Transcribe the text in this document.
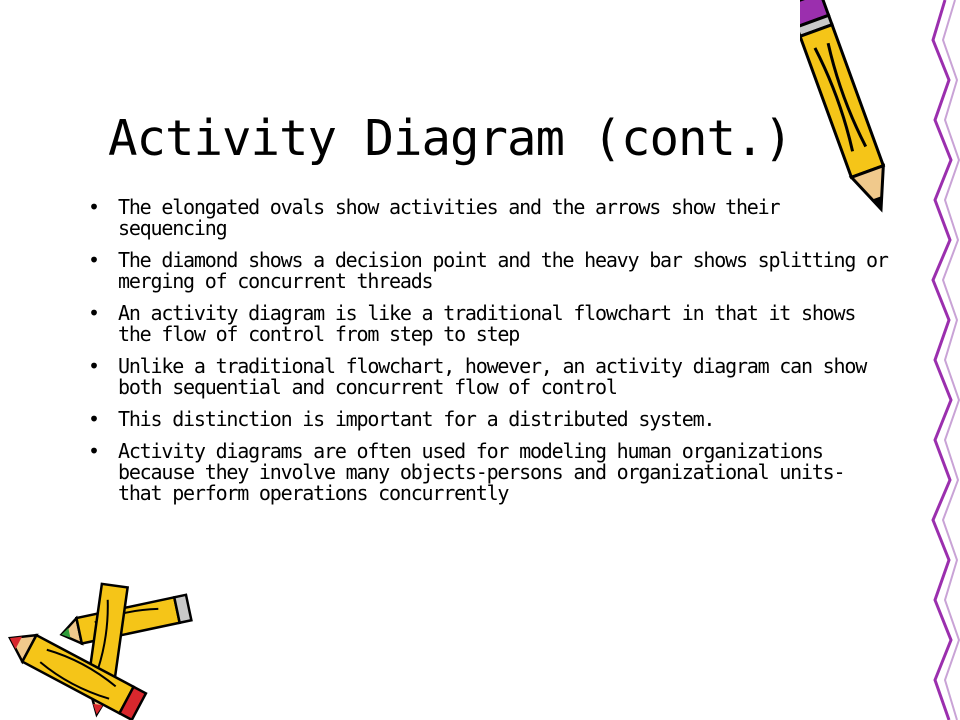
Activity Diagram (cont.)
• The elongated ovals show activities and the arrows show their sequencing
• The diamond shows a decision point and the heavy bar shows splitting or merging of concurrent threads
• An activity diagram is like a traditional flowchart in that it shows the flow of control from step to step
• Unlike a traditional flowchart, however, an activity diagram can show both sequential and concurrent flow of control
• This distinction is important for a distributed system.
• Activity diagrams are often used for modeling human organizations because they involve many objects-persons and organizational units- that perform operations concurrently
